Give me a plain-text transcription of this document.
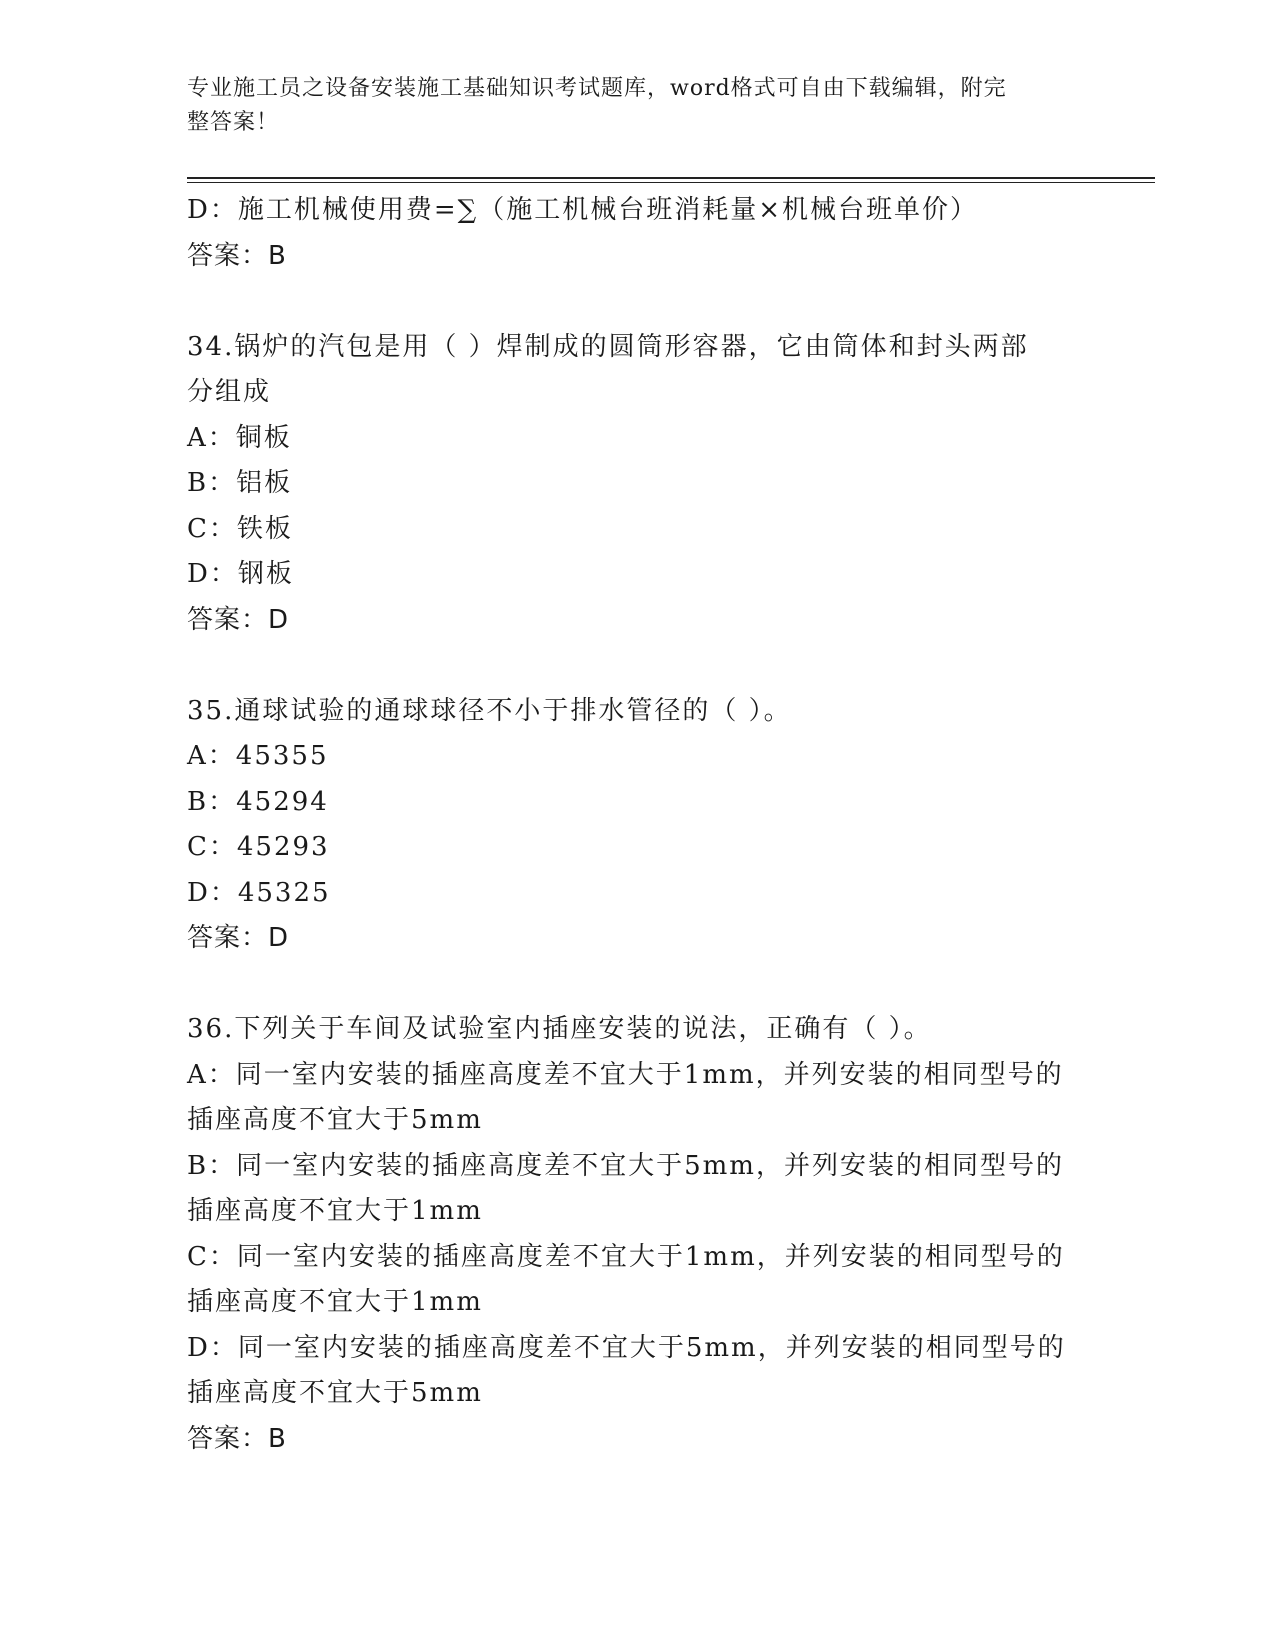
专业施工员之设备安装施工基础知识考试题库，word格式可自由下载编辑，附完
整答案！
D：施工机械使用费=∑（施工机械台班消耗量×机械台班单价）
答案：B
34.锅炉的汽包是用（ ）焊制成的圆筒形容器，它由筒体和封头两部
分组成
A：铜板
B：铝板
C：铁板
D：钢板
答案：D
35.通球试验的通球球径不小于排水管径的（ ）。
A：45355
B：45294
C：45293
D：45325
答案：D
36.下列关于车间及试验室内插座安装的说法，正确有（ ）。
A：同一室内安装的插座高度差不宜大于1mm，并列安装的相同型号的
插座高度不宜大于5mm
B：同一室内安装的插座高度差不宜大于5mm，并列安装的相同型号的
插座高度不宜大于1mm
C：同一室内安装的插座高度差不宜大于1mm，并列安装的相同型号的
插座高度不宜大于1mm
D：同一室内安装的插座高度差不宜大于5mm，并列安装的相同型号的
插座高度不宜大于5mm
答案：B
